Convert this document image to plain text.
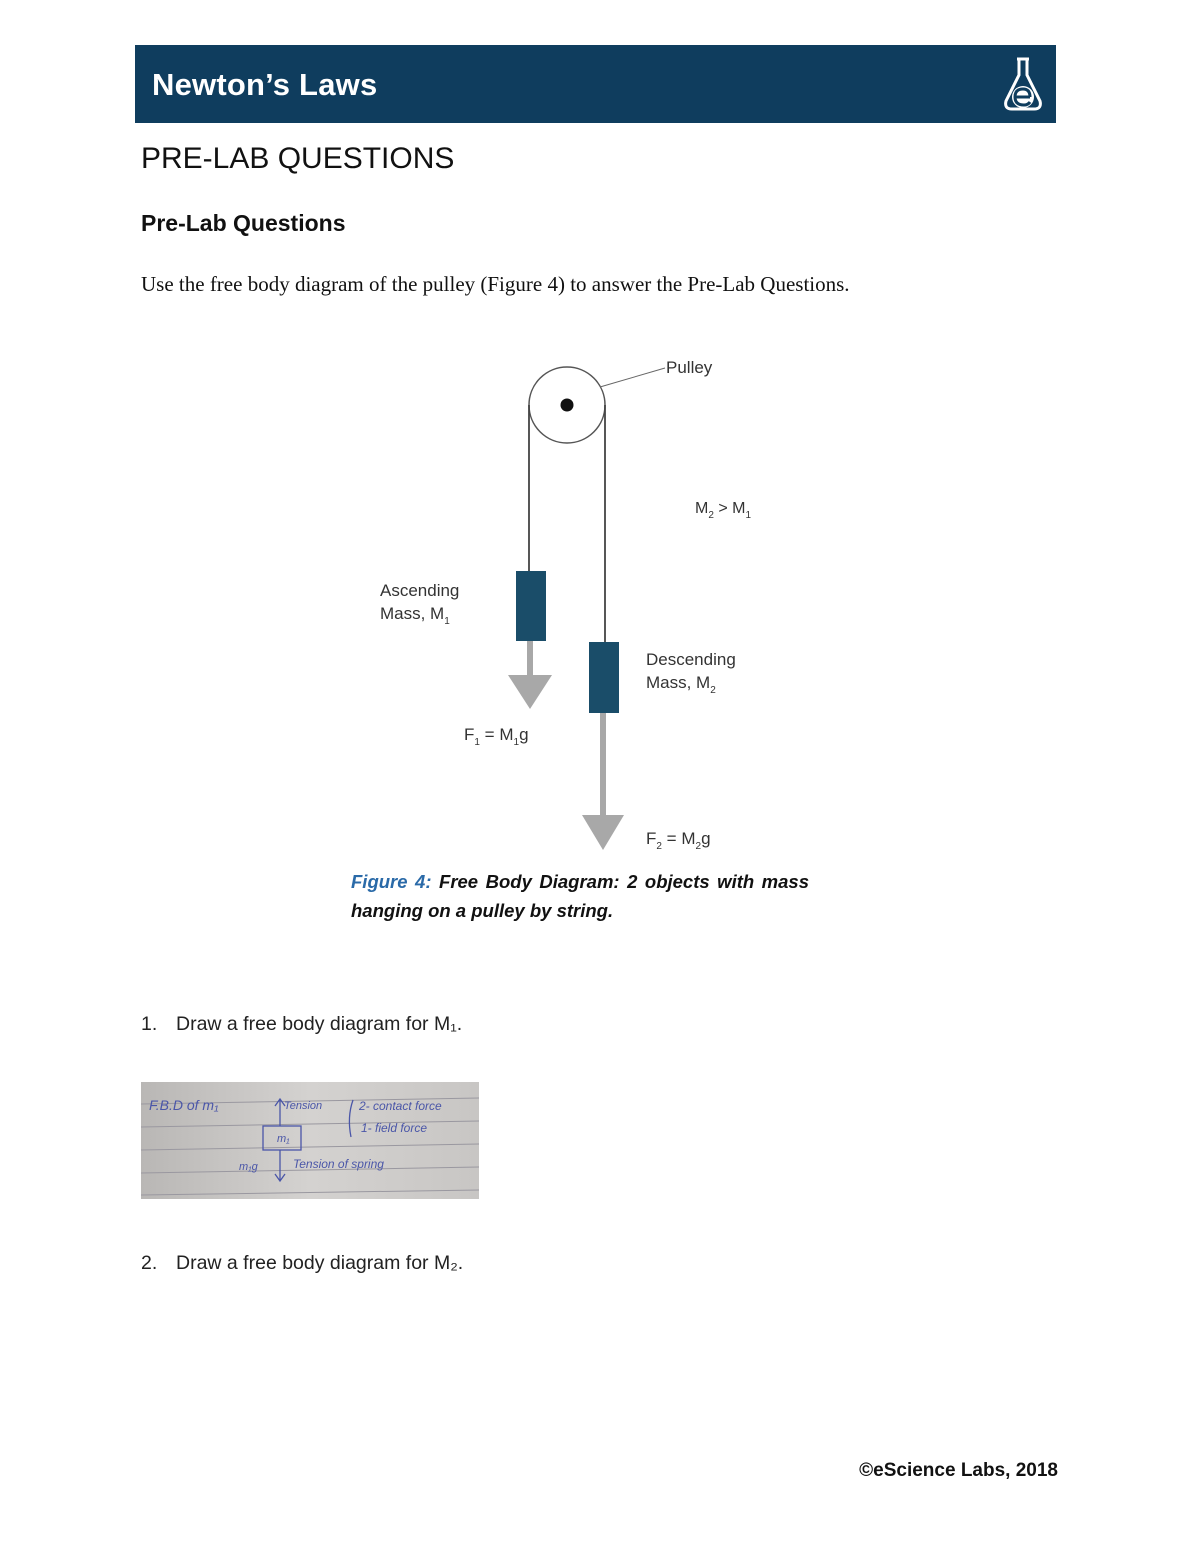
Newton’s Laws
PRE-LAB QUESTIONS
Pre-Lab Questions
Use the free body diagram of the pulley (Figure 4) to answer the Pre-Lab Questions.
Pulley
$M_2 > M_1$
Ascending Mass, $M_1$
$F_1 = M_1g$
Descending Mass, $M_2$
$F_2 = M_2g$
Figure 4: Free Body Diagram: 2 objects with mass hanging on a pulley by string.
1. Draw a free body diagram for M₁.
F.B.D of m₁	Tension
m₁
m₁g	Tension of spring
2- contact force
1- field force
2. Draw a free body diagram for M₂.
©eScience Labs, 2018
